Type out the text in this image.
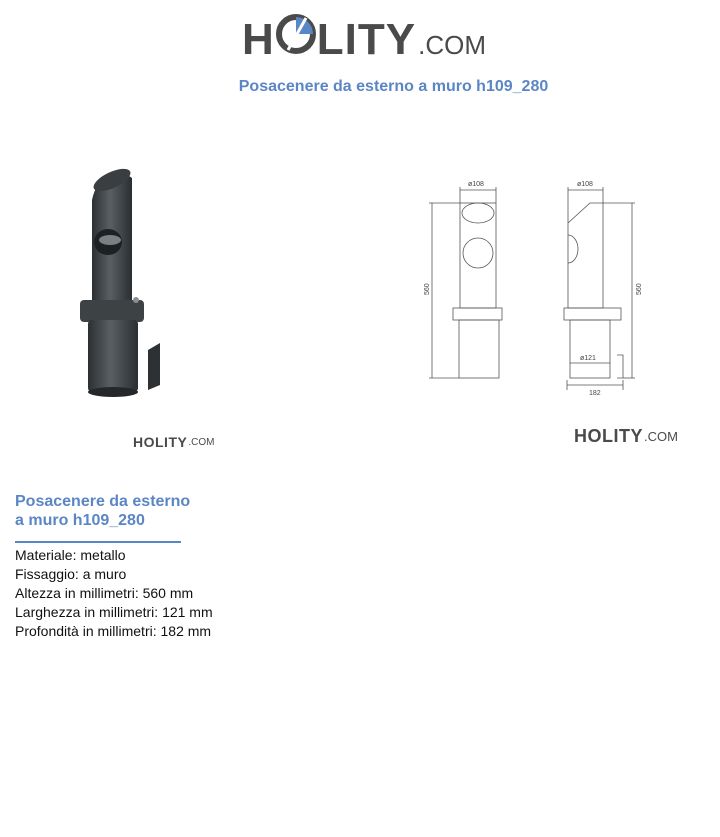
H LITY .COM
Posacenere da esterno a muro h109_280
HOLITY .COM	HOLITY .COM
ø108
560
ø108
560
ø121
182
Posacenere da esterno
a muro h109_280
Materiale: metallo
Fissaggio: a muro
Altezza in millimetri: 560 mm
Larghezza in millimetri: 121 mm
Profondità in millimetri: 182 mm
